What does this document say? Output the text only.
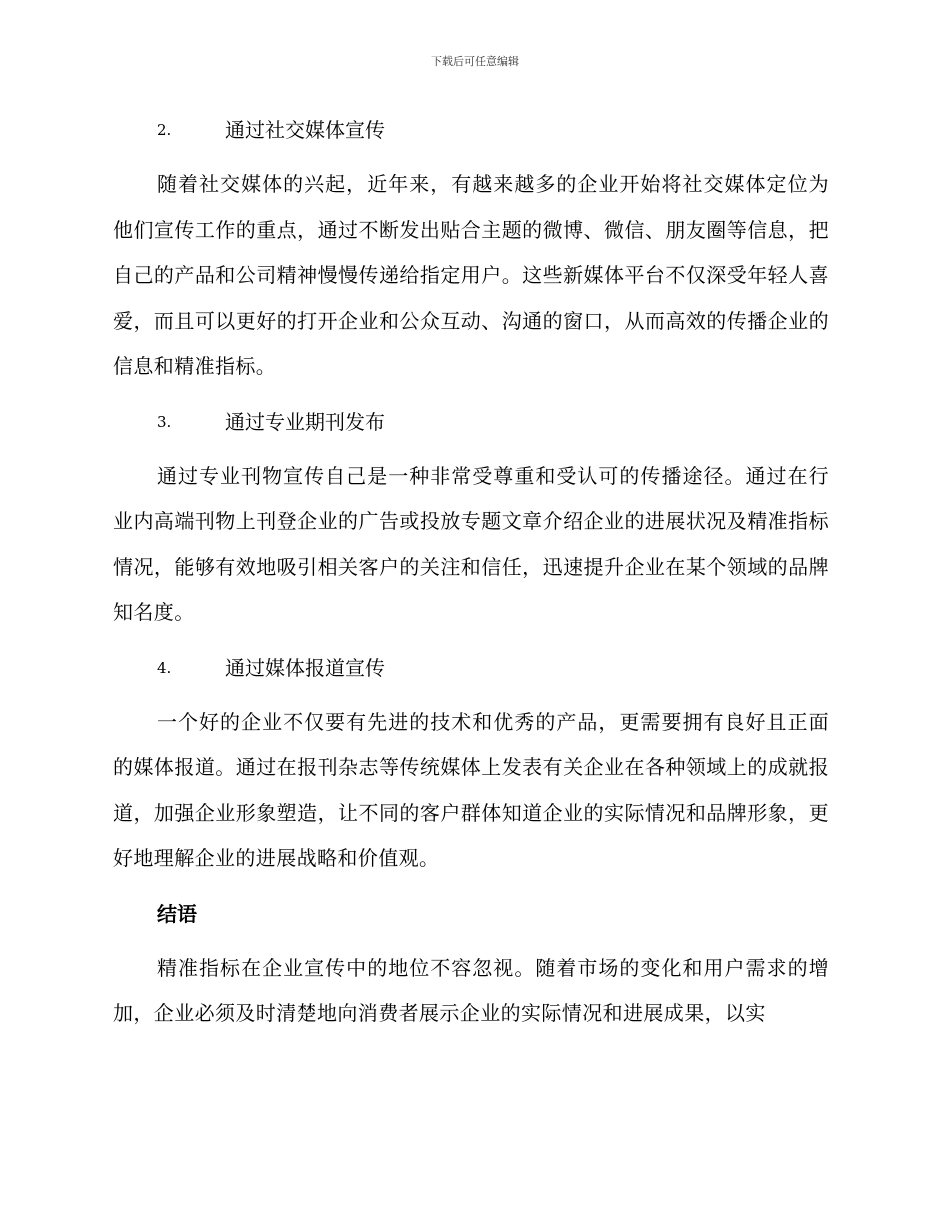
下载后可任意编辑
2.	通过社交媒体宣传

随着社交媒体的兴起，近年来，有越来越多的企业开始将社交媒体定位为他们宣传工作的重点，通过不断发出贴合主题的微博、微信、朋友圈等信息，把自己的产品和公司精神慢慢传递给指定用户。这些新媒体平台不仅深受年轻人喜爱，而且可以更好的打开企业和公众互动、沟通的窗口，从而高效的传播企业的信息和精准指标。

3.	通过专业期刊发布

通过专业刊物宣传自己是一种非常受尊重和受认可的传播途径。通过在行业内高端刊物上刊登企业的广告或投放专题文章介绍企业的进展状况及精准指标情况，能够有效地吸引相关客户的关注和信任，迅速提升企业在某个领域的品牌知名度。

4.	通过媒体报道宣传

一个好的企业不仅要有先进的技术和优秀的产品，更需要拥有良好且正面的媒体报道。通过在报刊杂志等传统媒体上发表有关企业在各种领域上的成就报道，加强企业形象塑造，让不同的客户群体知道企业的实际情况和品牌形象，更好地理解企业的进展战略和价值观。

结语

精准指标在企业宣传中的地位不容忽视。随着市场的变化和用户需求的增加，企业必须及时清楚地向消费者展示企业的实际情况和进展成果，以实
